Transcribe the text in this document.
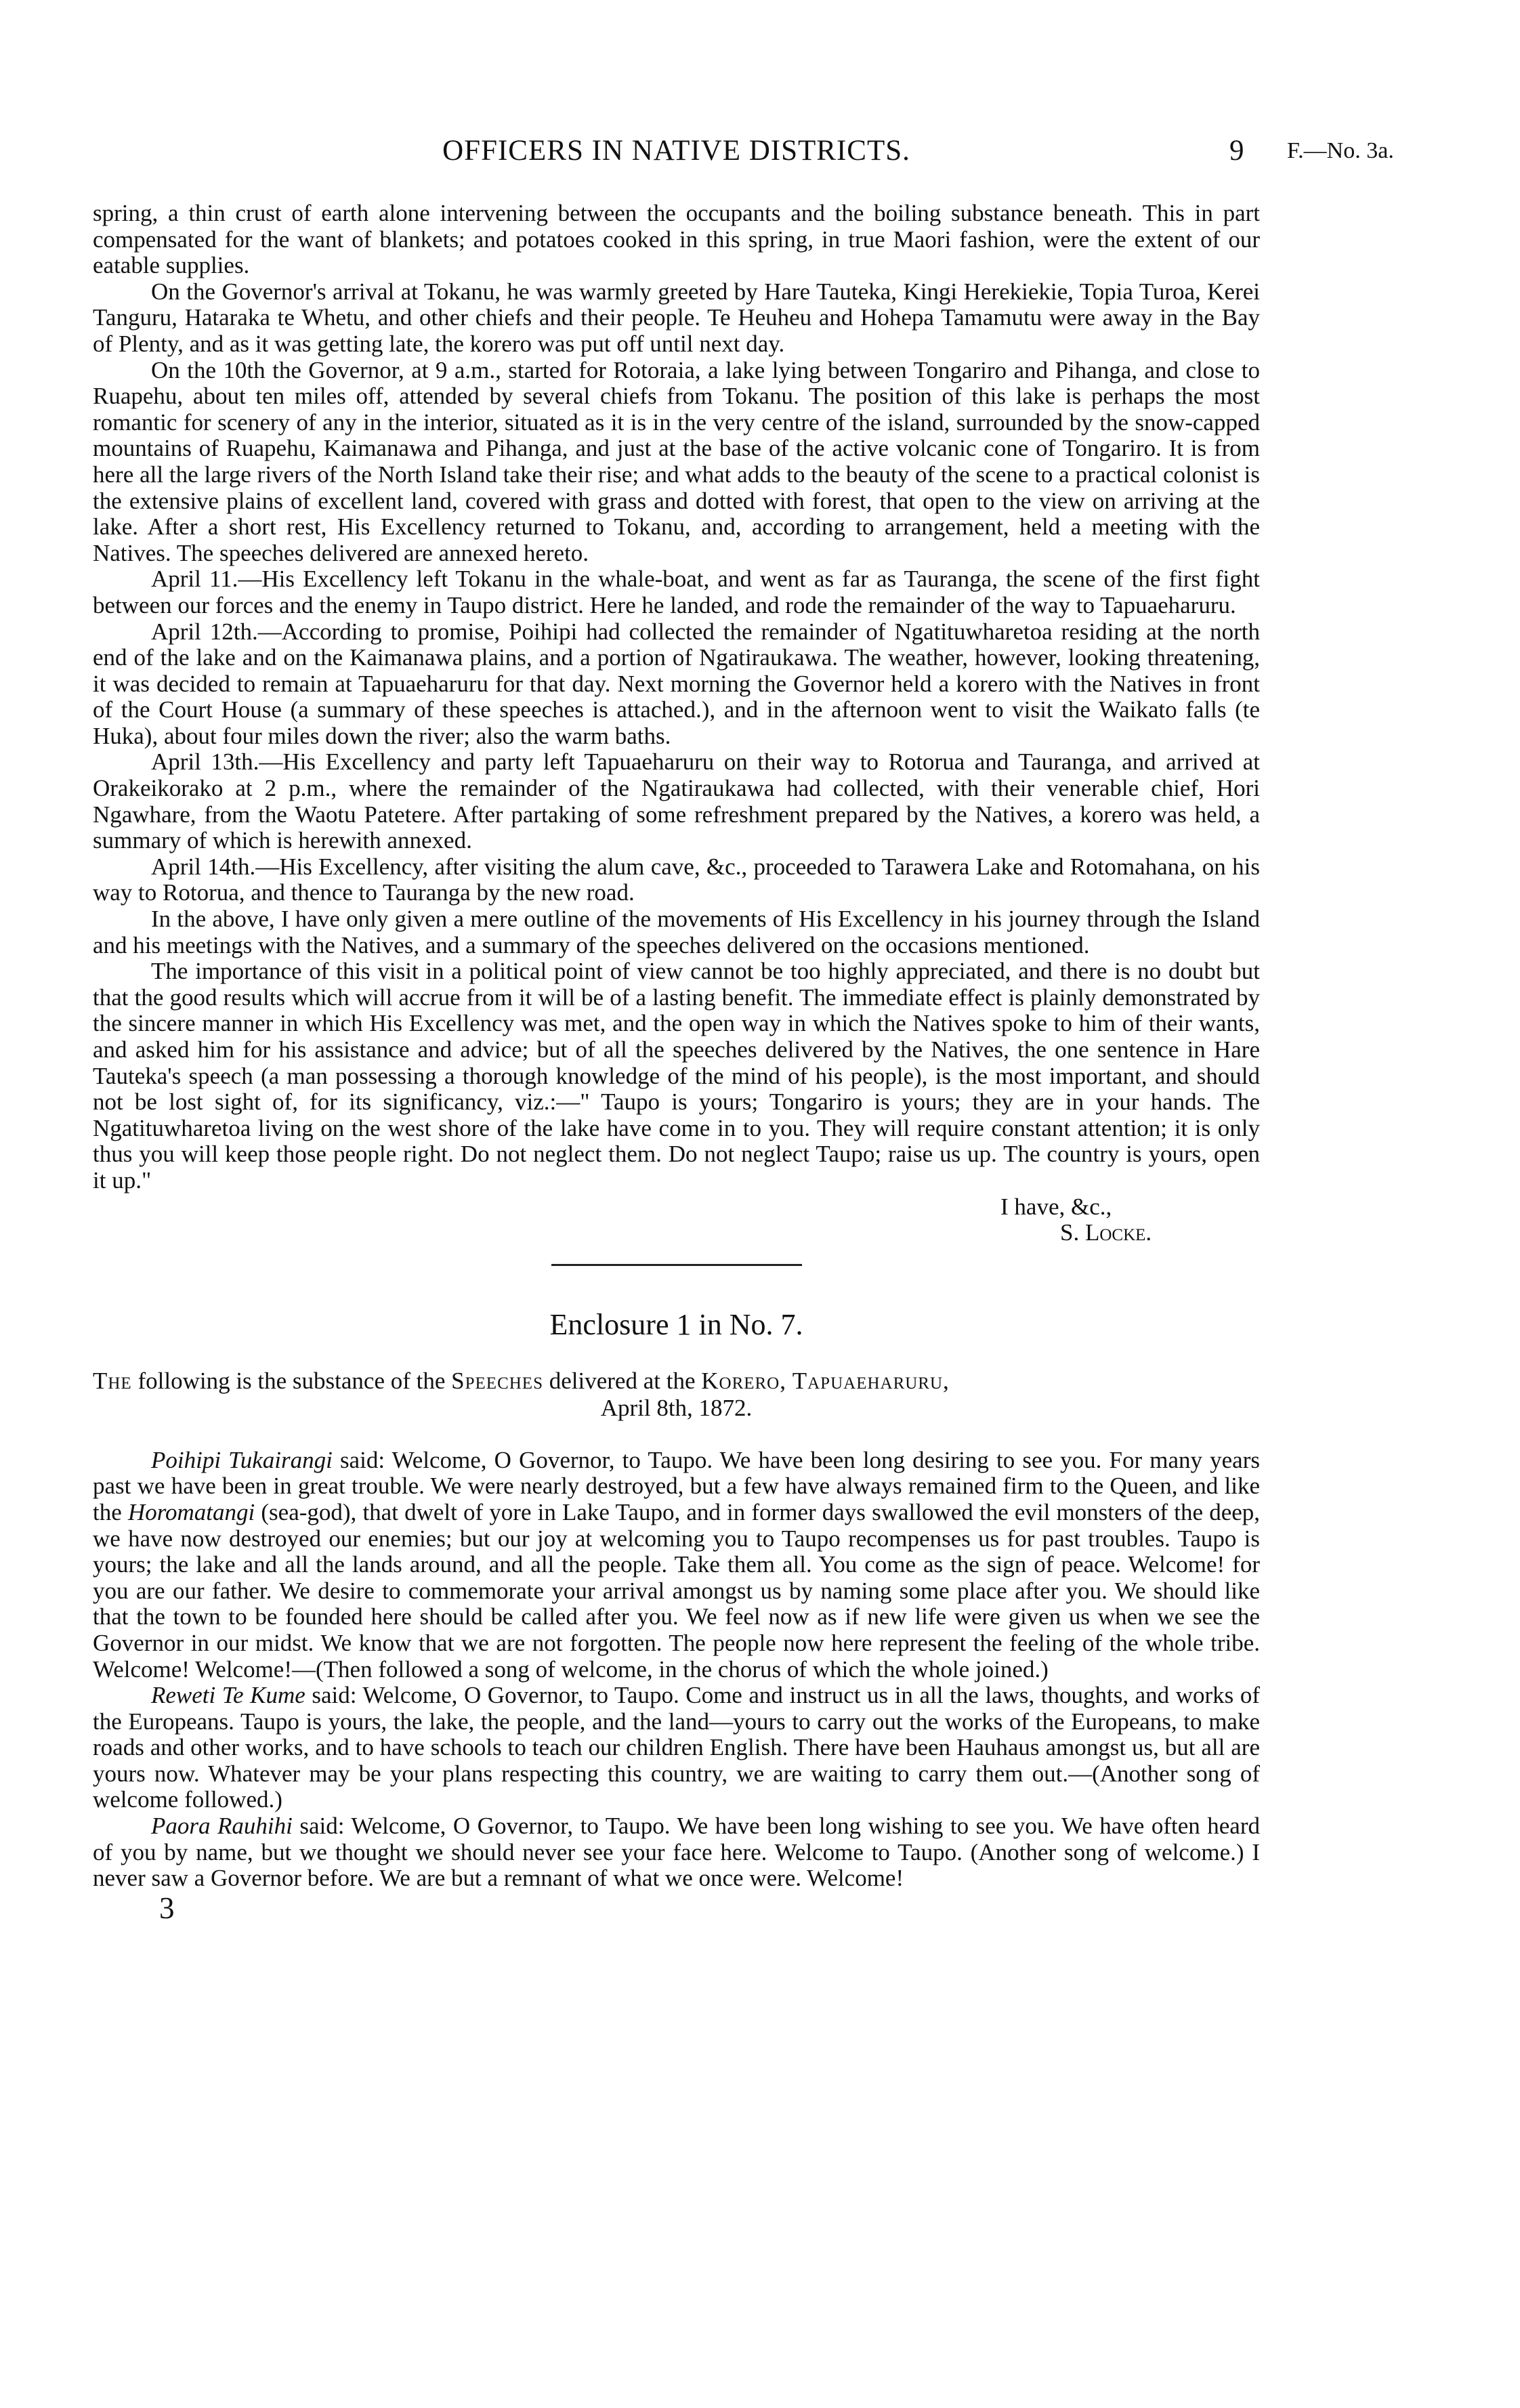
OFFICERS IN NATIVE DISTRICTS.	9 F.—No. 3a.

spring, a thin crust of earth alone intervening between the occupants and the boiling substance beneath. This in part compensated for the want of blankets; and potatoes cooked in this spring, in true Maori fashion, were the extent of our eatable supplies.

On the Governor's arrival at Tokanu, he was warmly greeted by Hare Tauteka, Kingi Herekiekie, Topia Turoa, Kerei Tanguru, Hataraka te Whetu, and other chiefs and their people. Te Heuheu and Hohepa Tamamutu were away in the Bay of Plenty, and as it was getting late, the korero was put off until next day.

On the 10th the Governor, at 9 a.m., started for Rotoraia, a lake lying between Tongariro and Pihanga, and close to Ruapehu, about ten miles off, attended by several chiefs from Tokanu. The position of this lake is perhaps the most romantic for scenery of any in the interior, situated as it is in the very centre of the island, surrounded by the snow-capped mountains of Ruapehu, Kaimanawa and Pihanga, and just at the base of the active volcanic cone of Tongariro. It is from here all the large rivers of the North Island take their rise; and what adds to the beauty of the scene to a practical colonist is the extensive plains of excellent land, covered with grass and dotted with forest, that open to the view on arriving at the lake. After a short rest, His Excellency returned to Tokanu, and, according to arrangement, held a meeting with the Natives. The speeches delivered are annexed hereto.

April 11.—His Excellency left Tokanu in the whale-boat, and went as far as Tauranga, the scene of the first fight between our forces and the enemy in Taupo district. Here he landed, and rode the remainder of the way to Tapuaeharuru.

April 12th.—According to promise, Poihipi had collected the remainder of Ngatituwharetoa residing at the north end of the lake and on the Kaimanawa plains, and a portion of Ngatiraukawa. The weather, however, looking threatening, it was decided to remain at Tapuaeharuru for that day. Next morning the Governor held a korero with the Natives in front of the Court House (a summary of these speeches is attached.), and in the afternoon went to visit the Waikato falls (te Huka), about four miles down the river; also the warm baths.

April 13th.—His Excellency and party left Tapuaeharuru on their way to Rotorua and Tauranga, and arrived at Orakeikorako at 2 p.m., where the remainder of the Ngatiraukawa had collected, with their venerable chief, Hori Ngawhare, from the Waotu Patetere. After partaking of some refreshment prepared by the Natives, a korero was held, a summary of which is herewith annexed.

April 14th.—His Excellency, after visiting the alum cave, &c., proceeded to Tarawera Lake and Rotomahana, on his way to Rotorua, and thence to Tauranga by the new road.

In the above, I have only given a mere outline of the movements of His Excellency in his journey through the Island and his meetings with the Natives, and a summary of the speeches delivered on the occasions mentioned.

The importance of this visit in a political point of view cannot be too highly appreciated, and there is no doubt but that the good results which will accrue from it will be of a lasting benefit. The immediate effect is plainly demonstrated by the sincere manner in which His Excellency was met, and the open way in which the Natives spoke to him of their wants, and asked him for his assistance and advice; but of all the speeches delivered by the Natives, the one sentence in Hare Tauteka's speech (a man possessing a thorough knowledge of the mind of his people), is the most important, and should not be lost sight of, for its significancy, viz.:—" Taupo is yours; Tongariro is yours; they are in your hands. The Ngatituwharetoa living on the west shore of the lake have come in to you. They will require constant attention; it is only thus you will keep those people right. Do not neglect them. Do not neglect Taupo; raise us up. The country is yours, open it up."

I have, &c.,
S. Locke.
Enclosure 1 in No. 7.
The following is the substance of the Speeches delivered at the Korero, Tapuaeharuru,
April 8th, 1872.

Poihipi Tukairangi said: Welcome, O Governor, to Taupo. We have been long desiring to see you. For many years past we have been in great trouble. We were nearly destroyed, but a few have always remained firm to the Queen, and like the Horomatangi (sea-god), that dwelt of yore in Lake Taupo, and in former days swallowed the evil monsters of the deep, we have now destroyed our enemies; but our joy at welcoming you to Taupo recompenses us for past troubles. Taupo is yours; the lake and all the lands around, and all the people. Take them all. You come as the sign of peace. Welcome! for you are our father. We desire to commemorate your arrival amongst us by naming some place after you. We should like that the town to be founded here should be called after you. We feel now as if new life were given us when we see the Governor in our midst. We know that we are not forgotten. The people now here represent the feeling of the whole tribe. Welcome! Welcome!—(Then followed a song of welcome, in the chorus of which the whole joined.)

Reweti Te Kume said: Welcome, O Governor, to Taupo. Come and instruct us in all the laws, thoughts, and works of the Europeans. Taupo is yours, the lake, the people, and the land—yours to carry out the works of the Europeans, to make roads and other works, and to have schools to teach our children English. There have been Hauhaus amongst us, but all are yours now. Whatever may be your plans respecting this country, we are waiting to carry them out.—(Another song of welcome followed.)

Paora Rauhihi said: Welcome, O Governor, to Taupo. We have been long wishing to see you. We have often heard of you by name, but we thought we should never see your face here. Welcome to Taupo. (Another song of welcome.) I never saw a Governor before. We are but a remnant of what we once were. Welcome!

3
